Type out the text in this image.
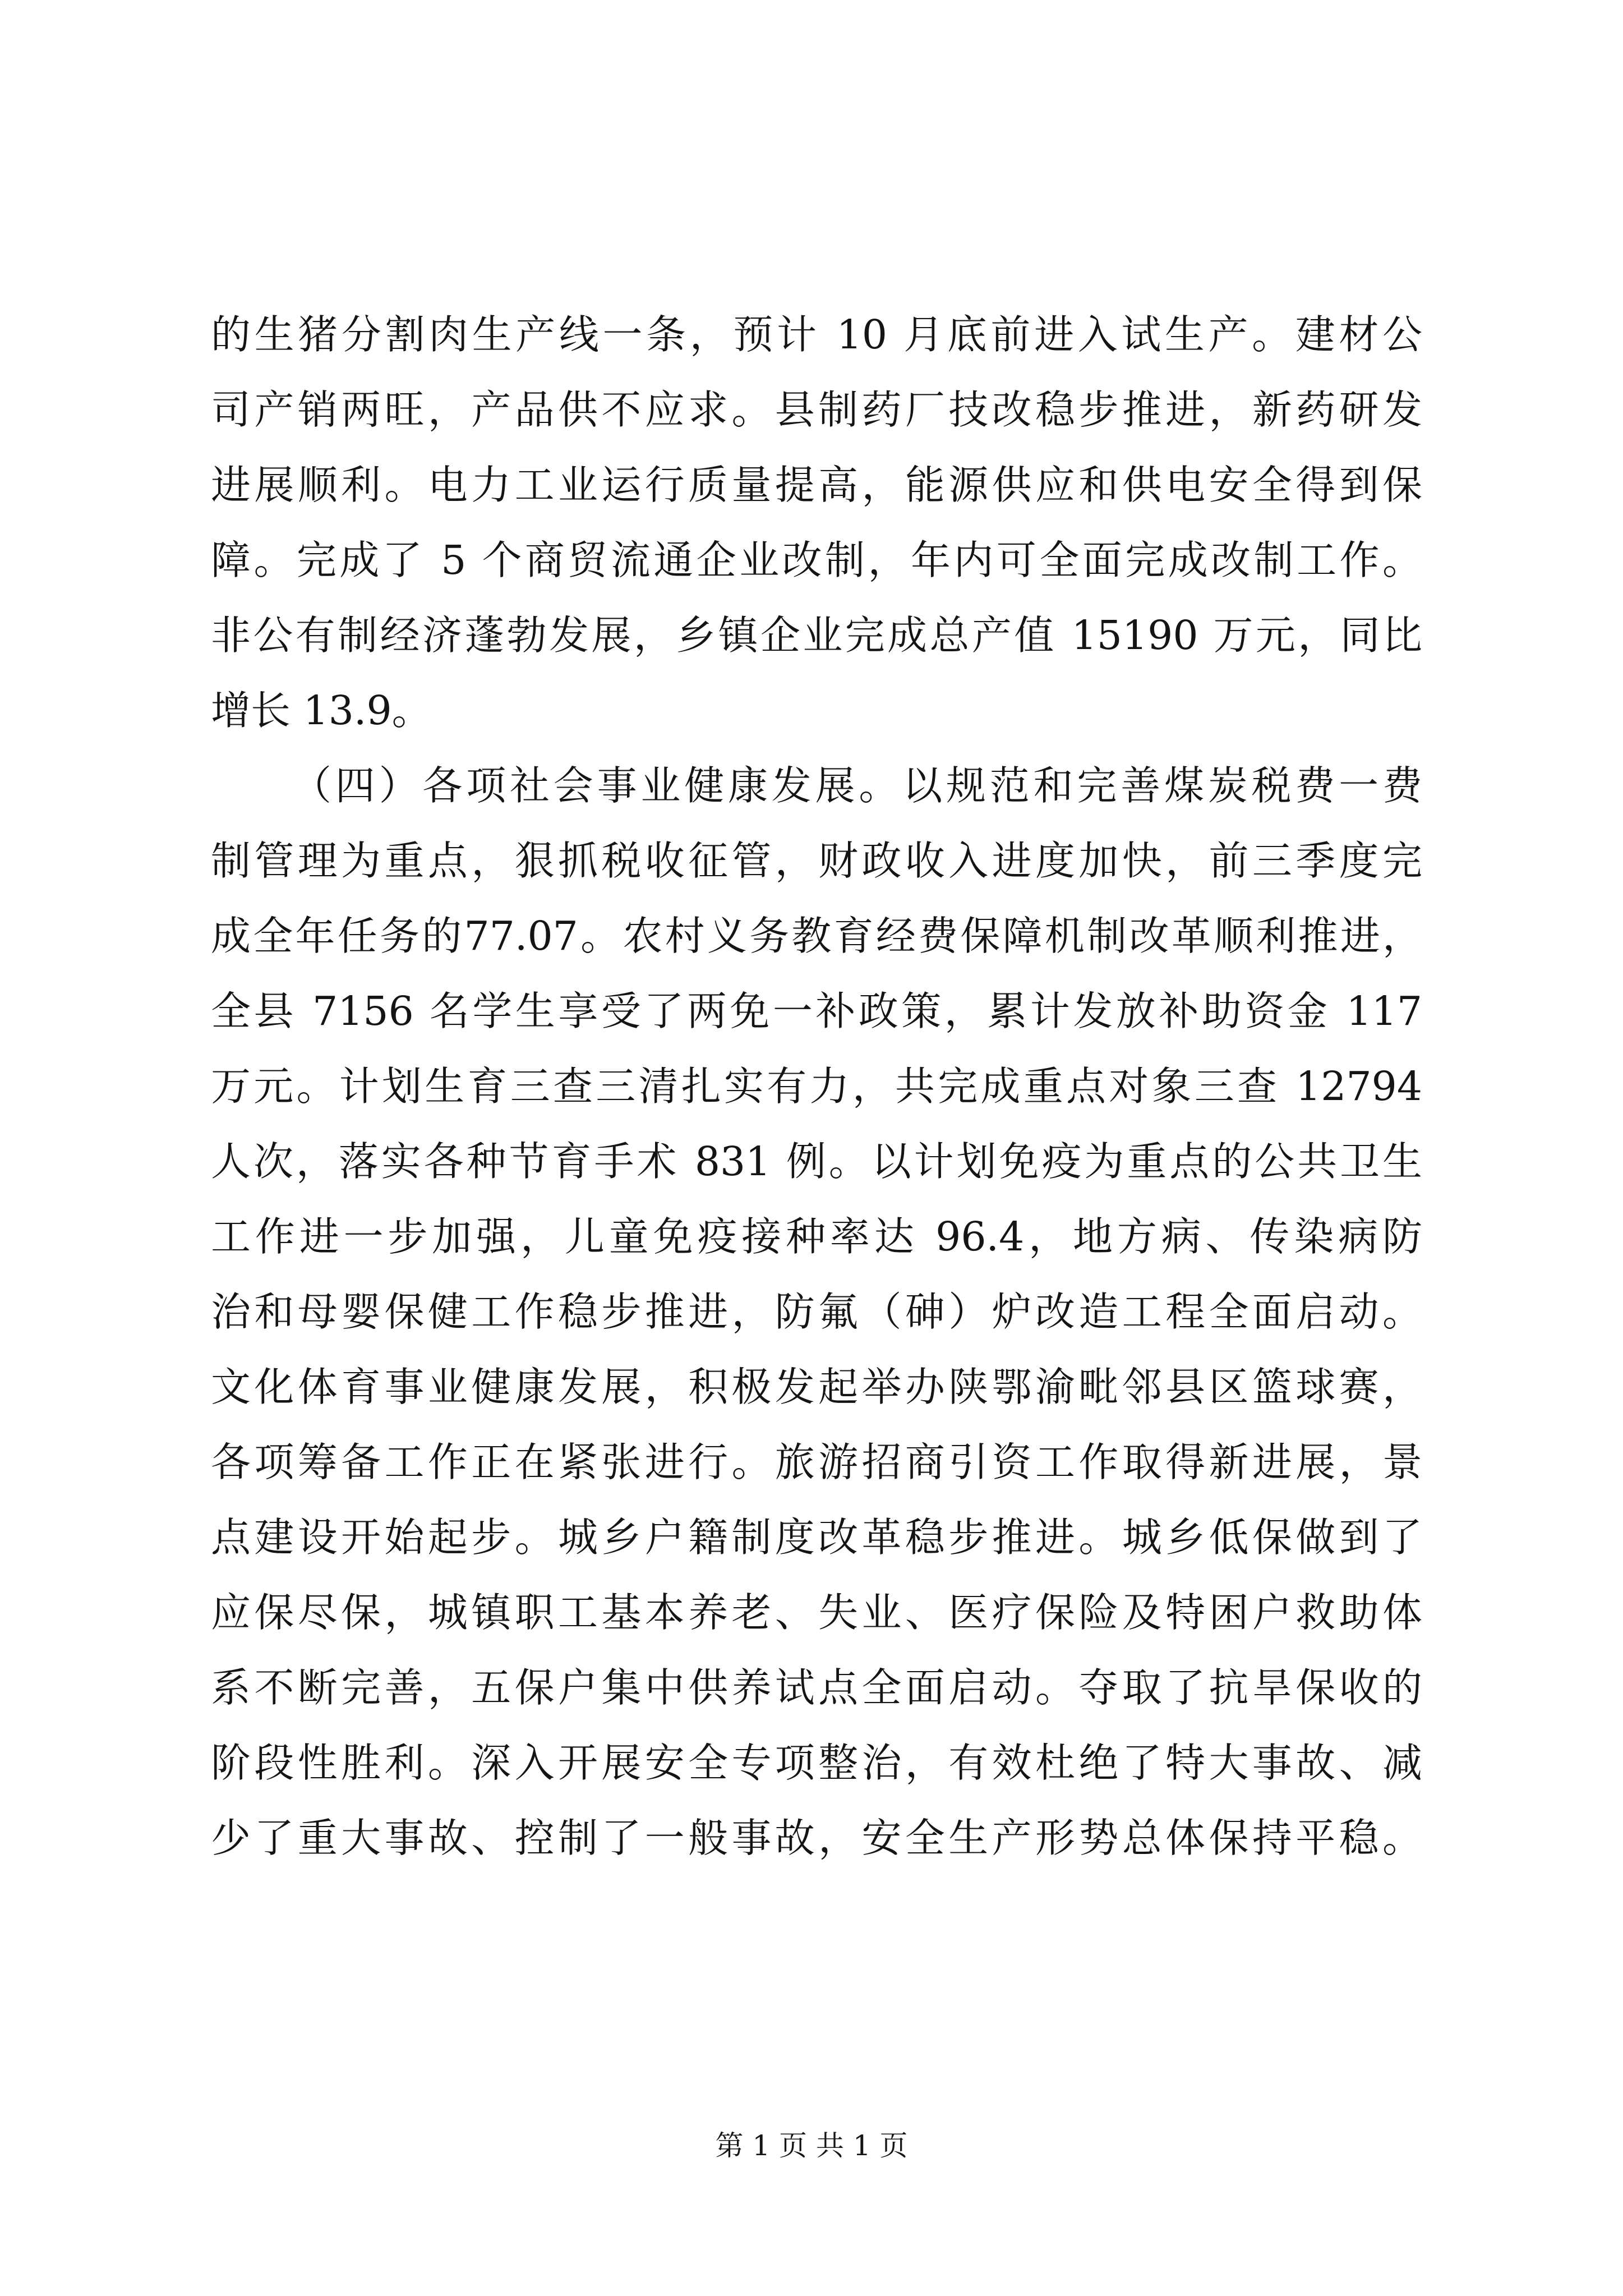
的生猪分割肉生产线一条，预计 10 月底前进入试生产。建材公
司产销两旺，产品供不应求。县制药厂技改稳步推进，新药研发
进展顺利。电力工业运行质量提高，能源供应和供电安全得到保
障。完成了 5 个商贸流通企业改制，年内可全面完成改制工作。
非公有制经济蓬勃发展，乡镇企业完成总产值 15190 万元，同比
增长 13.9。
（四）各项社会事业健康发展。以规范和完善煤炭税费一费
制管理为重点，狠抓税收征管，财政收入进度加快，前三季度完
成全年任务的77.07。农村义务教育经费保障机制改革顺利推进，
全县 7156 名学生享受了两免一补政策，累计发放补助资金 117
万元。计划生育三查三清扎实有力，共完成重点对象三查 12794
人次，落实各种节育手术 831 例。以计划免疫为重点的公共卫生
工作进一步加强，儿童免疫接种率达 96.4，地方病、传染病防
治和母婴保健工作稳步推进，防氟（砷）炉改造工程全面启动。
文化体育事业健康发展，积极发起举办陕鄂渝毗邻县区篮球赛，
各项筹备工作正在紧张进行。旅游招商引资工作取得新进展，景
点建设开始起步。城乡户籍制度改革稳步推进。城乡低保做到了
应保尽保，城镇职工基本养老、失业、医疗保险及特困户救助体
系不断完善，五保户集中供养试点全面启动。夺取了抗旱保收的
阶段性胜利。深入开展安全专项整治，有效杜绝了特大事故、减
少了重大事故、控制了一般事故，安全生产形势总体保持平稳。
第 1 页 共 1 页
